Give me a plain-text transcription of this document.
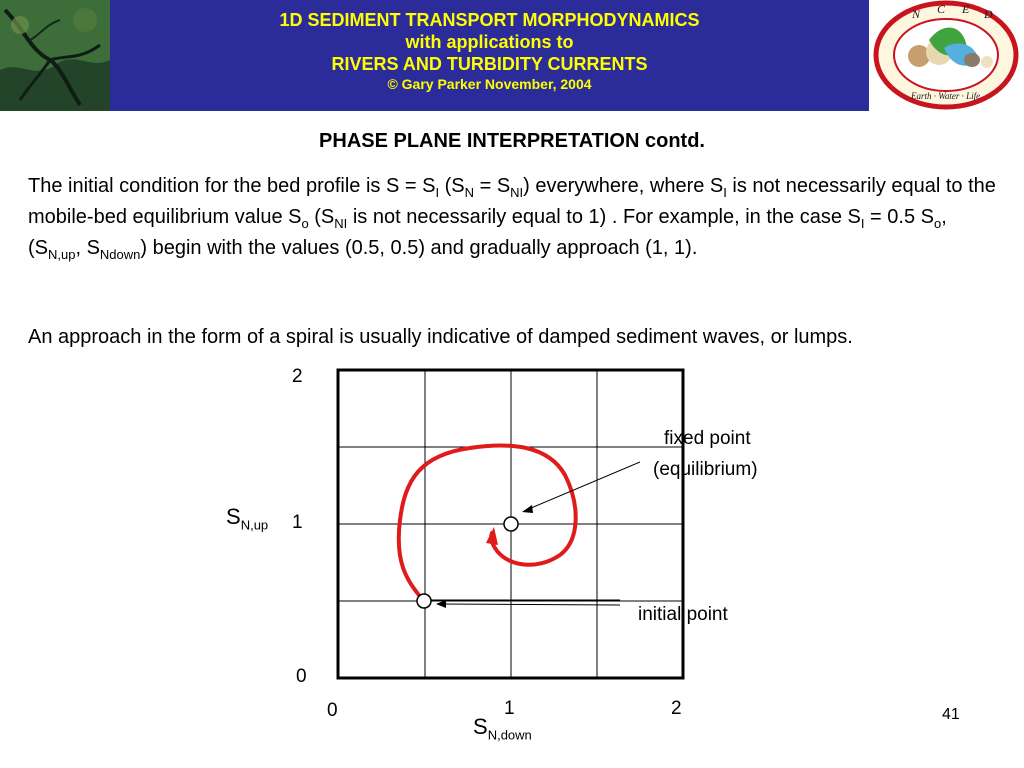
1D SEDIMENT TRANSPORT MORPHODYNAMICS
with applications to
RIVERS AND TURBIDITY CURRENTS
© Gary Parker November, 2004
N C E D
Earth · Water · Life
PHASE PLANE INTERPRETATION contd.
The initial condition for the bed profile is $S = S_I$ $(S_N = S_{NI})$ everywhere, where $S_I$ is not necessarily equal to the mobile-bed equilibrium value $S_o$ ($S_{NI}$ is not necessarily equal to 1) . For example, in the case $S_I = 0.5$ $S_o$, ($S_{N,up}$, $S_{Ndown}$) begin with the values (0.5, 0.5) and gradually approach (1, 1).
An approach in the form of a spiral is usually indicative of damped sediment waves, or lumps.
2
1
0
0	1	2
$S_{N,up}$
$S_{N,down}$
fixed point
(equilibrium)
initial point
41
